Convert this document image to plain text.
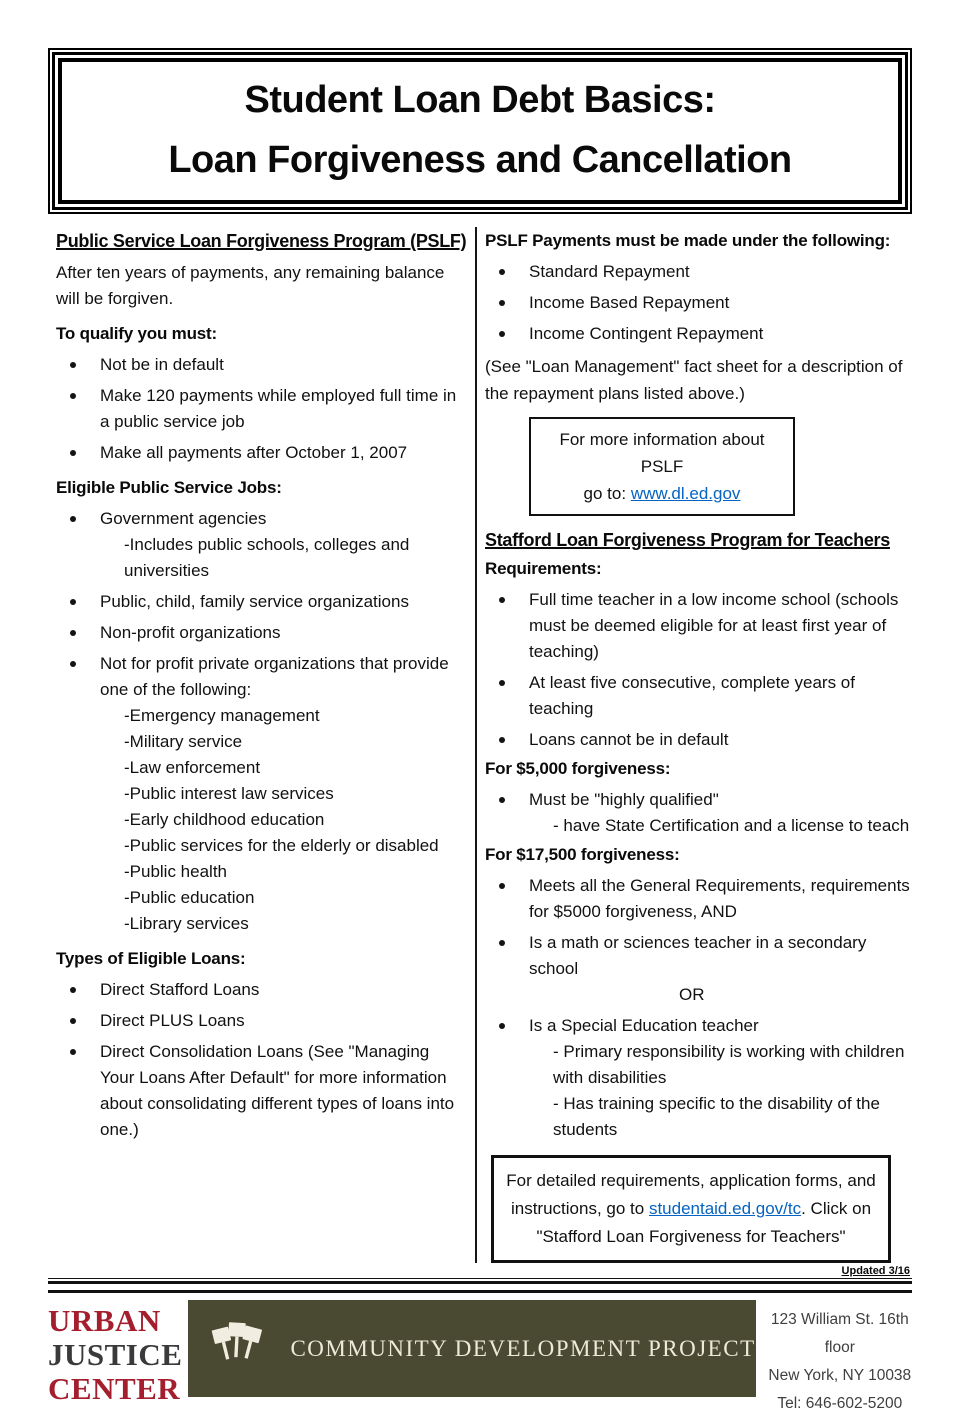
Student Loan Debt Basics:
Loan Forgiveness and Cancellation
Public Service Loan Forgiveness Program (PSLF)

After ten years of payments, any remaining balance will be forgiven.

To qualify you must:
Not be in default
Make 120 payments while employed full time in a public service job
Make all payments after October 1, 2007
Eligible Public Service Jobs:
Government agencies
-Includes public schools, colleges and universities
Public, child, family service organizations
Non-profit organizations
Not for profit private organizations that provide one of the following:
-Emergency management
-Military service
-Law enforcement
-Public interest law services
-Early childhood education
-Public services for the elderly or disabled
-Public health
-Public education
-Library services
Types of Eligible Loans:
Direct Stafford Loans
Direct PLUS Loans
Direct Consolidation Loans (See "Managing Your Loans After Default" for more information about consolidating different types of loans into one.)
PSLF Payments must be made under the following:
Standard Repayment
Income Based Repayment
Income Contingent Repayment
(See "Loan Management" fact sheet for a description of the repayment plans listed above.)
For more information about PSLF
go to: www.dl.ed.gov
Stafford Loan Forgiveness Program for Teachers
Requirements:
Full time teacher in a low income school (schools must be deemed eligible for at least first year of teaching)
At least five consecutive, complete years of teaching
Loans cannot be in default
For $5,000 forgiveness:
Must be "highly qualified"
- have State Certification and a license to teach
For $17,500 forgiveness:
Meets all the General Requirements, requirements for $5000 forgiveness, AND
Is a math or sciences teacher in a secondary school
OR
Is a Special Education teacher
- Primary responsibility is working with children with disabilities
- Has training specific to the disability of the students
For detailed requirements, application forms, and instructions, go to studentaid.ed.gov/tc. Click on "Stafford Loan Forgiveness for Teachers"
Updated 3/16
URBAN
JUSTICE
CENTER
COMMUNITY DEVELOPMENT PROJECT
123 William St. 16th
floor
New York, NY 10038
Tel: 646-602-5200
